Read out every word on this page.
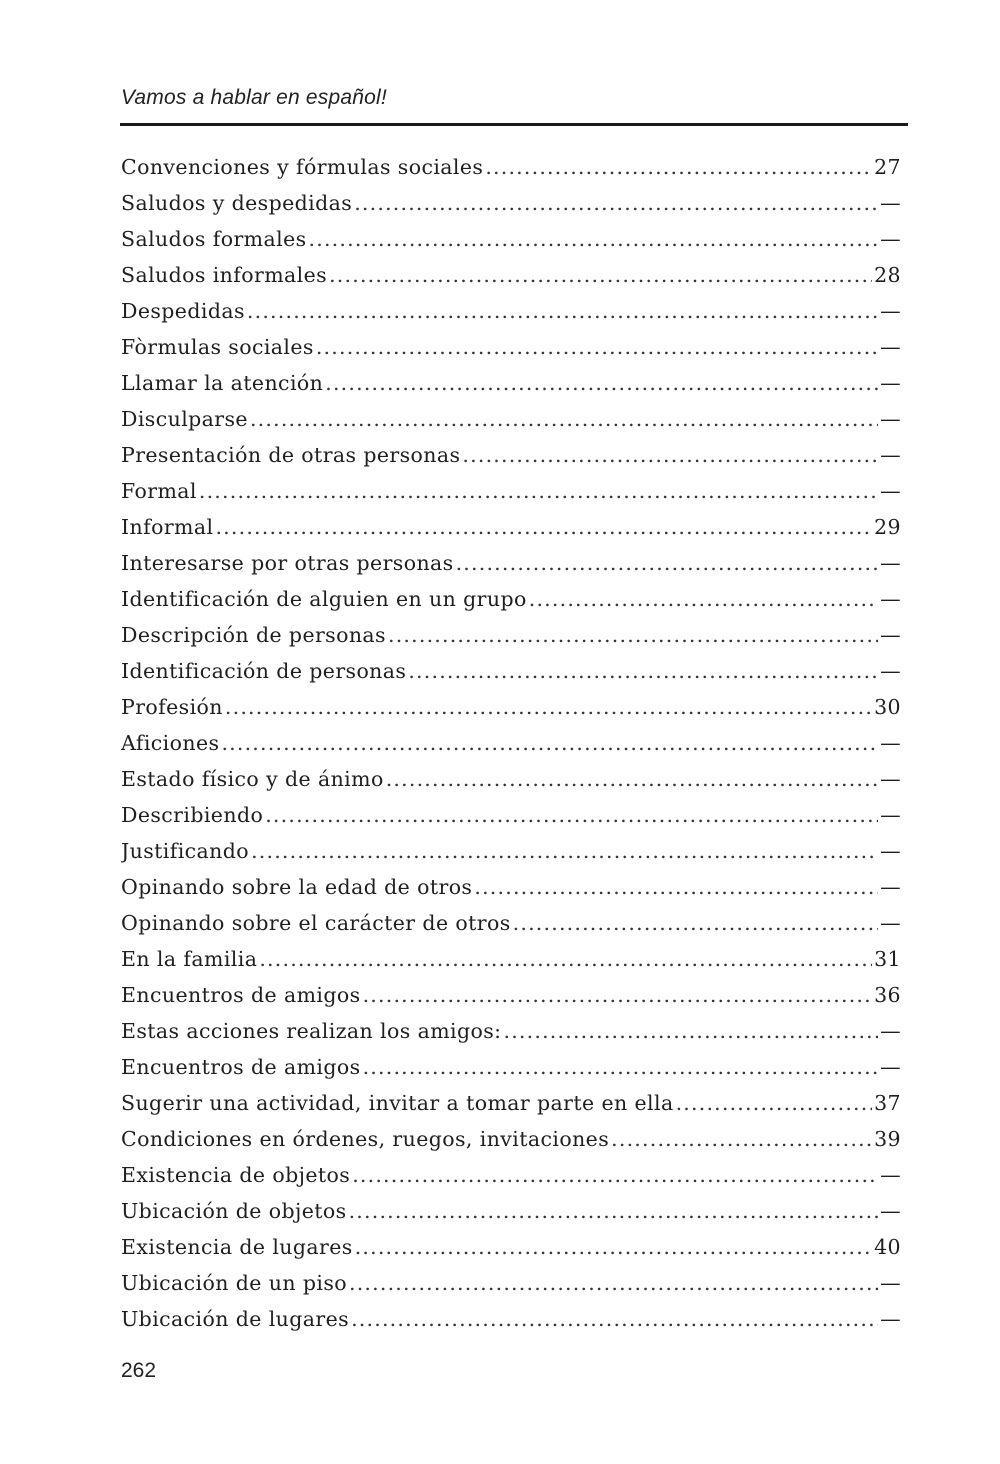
Vamos a hablar en español!
Convenciones y fórmulas sociales .....	27
Saludos y despedidas .....	—
Saludos formales .....	—
Saludos informales .....	28
Despedidas .....	—
Fòrmulas sociales .....	—
Llamar la atención .....	—
Disculparse .....	—
Presentación de otras personas .....	—
Formal .....	—
Informal .....	29
Interesarse por otras personas .....	—
Identificación de alguien en un grupo .....	—
Descripción de personas .....	—
Identificación de personas .....	—
Profesión .....	30
Aficiones .....	—
Estado físico y de ánimo .....	—
Describiendo .....	—
Justificando .....	—
Opinando sobre la edad de otros .....	—
Opinando sobre el carácter de otros .....	—
En la familia .....	31
Encuentros de amigos .....	36
Estas acciones realizan los amigos: .....	—
Encuentros de amigos .....	—
Sugerir una actividad, invitar a tomar parte en ella .....	37
Condiciones en órdenes, ruegos, invitaciones .....	39
Existencia de objetos .....	—
Ubicación de objetos .....	—
Existencia de lugares .....	40
Ubicación de un piso .....	—
Ubicación de lugares .....	—
262
